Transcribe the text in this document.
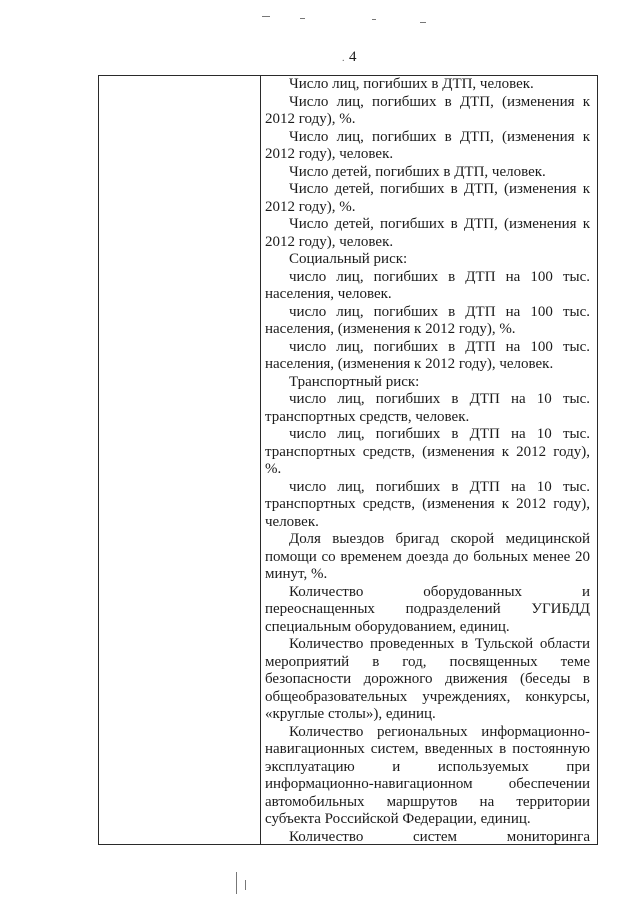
. 4

Число лиц, погибших в ДТП, человек.

Число лиц, погибших в ДТП, (изменения к 2012 году), %.

Число лиц, погибших в ДТП, (изменения к 2012 году), человек.

Число детей, погибших в ДТП, человек.

Число детей, погибших в ДТП, (изменения к 2012 году), %.

Число детей, погибших в ДТП, (изменения к 2012 году), человек.

Социальный риск:

число лиц, погибших в ДТП на 100 тыс. населения, человек.

число лиц, погибших в ДТП на 100 тыс. населения, (изменения к 2012 году), %.

число лиц, погибших в ДТП на 100 тыс. населения, (изменения к 2012 году), человек.

Транспортный риск:

число лиц, погибших в ДТП на 10 тыс. транспортных средств, человек.

число лиц, погибших в ДТП на 10 тыс. транспортных средств, (изменения к 2012 году), %.

число лиц, погибших в ДТП на 10 тыс. транспортных средств, (изменения к 2012 году), человек.

Доля выездов бригад скорой медицинской помощи со временем доезда до больных менее 20 минут, %.

Количество оборудованных и переоснащенных подразделений УГИБДД специальным оборудованием, единиц.

Количество проведенных в Тульской области мероприятий в год, посвященных теме безопасности дорожного движения (беседы в общеобразовательных учреждениях, конкурсы, «круглые столы»), единиц.

Количество региональных информационно-навигационных систем, введенных в постоянную эксплуатацию и используемых при информационно-навигационном обеспечении автомобильных маршрутов на территории субъекта Российской Федерации, единиц.

Количество систем мониторинга
